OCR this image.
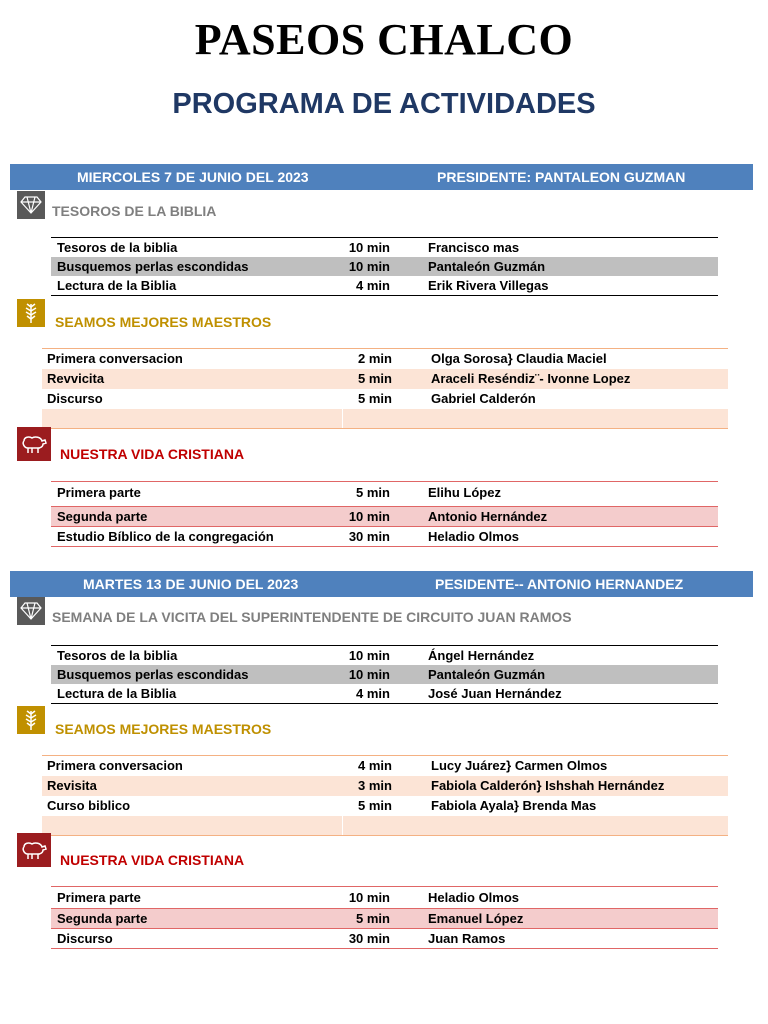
PASEOS CHALCO
PROGRAMA DE ACTIVIDADES
MIERCOLES 7 DE JUNIO DEL 2023	PRESIDENTE: PANTALEON GUZMAN
TESOROS DE LA BIBLIA
Tesoros de la biblia	10 min	Francisco mas
Busquemos perlas escondidas	10 min	Pantaleón Guzmán
Lectura de la Biblia	4 min	Erik Rivera Villegas
SEAMOS MEJORES MAESTROS
Primera conversacion	2 min	Olga Sorosa} Claudia Maciel
Revvicita	5 min	Araceli Reséndiz¨- Ivonne Lopez
Discurso	5 min	Gabriel Calderón
NUESTRA VIDA CRISTIANA
Primera parte	5 min	Elihu López
Segunda parte	10 min	Antonio Hernández
Estudio Bíblico de la congregación	30 min	Heladio Olmos
MARTES 13 DE JUNIO DEL 2023	PESIDENTE-- ANTONIO HERNANDEZ
SEMANA DE LA VICITA DEL SUPERINTENDENTE DE CIRCUITO JUAN RAMOS
Tesoros de la biblia	10 min	Ángel Hernández
Busquemos perlas escondidas	10 min	Pantaleón Guzmán
Lectura de la Biblia	4 min	José Juan Hernández
SEAMOS MEJORES MAESTROS
Primera conversacion	4 min	Lucy Juárez} Carmen Olmos
Revisita	3 min	Fabiola Calderón} Ishshah Hernández
Curso biblico	5 min	Fabiola Ayala} Brenda Mas
NUESTRA VIDA CRISTIANA
Primera parte	10 min	Heladio Olmos
Segunda parte	5 min	Emanuel López
Discurso	30 min	Juan Ramos
